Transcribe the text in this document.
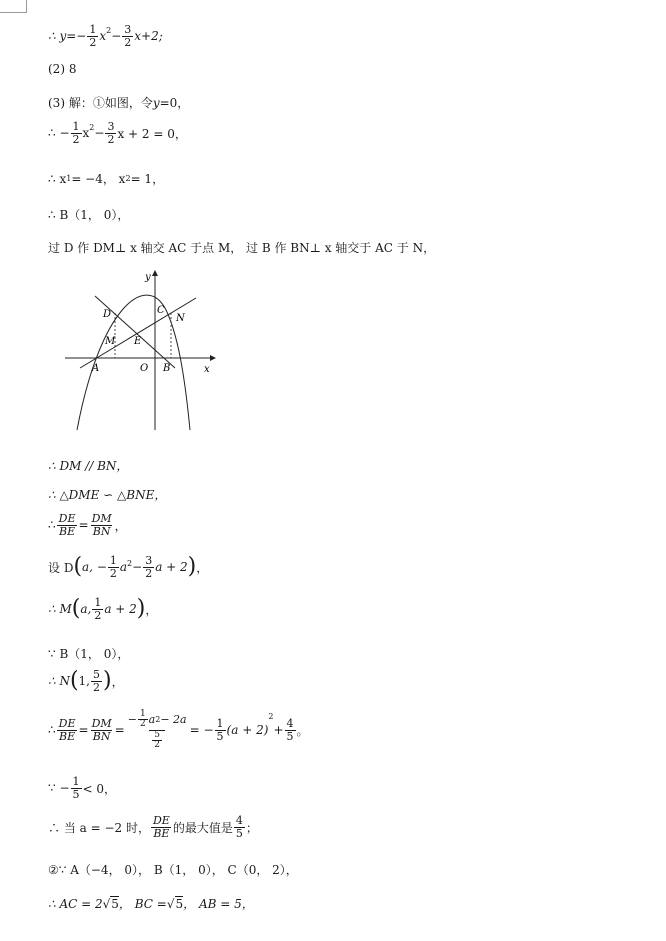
∴ $y=- \frac{1}{2} x^2 - \frac{3}{2} x+2$;
(2) 8
(3) 解：①如图，令 y =0，
∴ − $\frac{1}{2} x^2 - \frac{3}{2}$ x + 2 = 0，
∴ x 1 = −4， x 2 = 1，
∴ B（1， 0），
过 D 作 DM⊥ x 轴交 AC 于点 M， 过 B 作 BN⊥ x 轴交于 AC 于 N，
y
x
D	C
N
M E
A	O B
∴ DM // BN，
∴ △DME ∽ △BNE，
∴ $\frac{DE}{BE} = \frac{DM}{BN}$ ，
设 D ( a, − $\frac{1}{2} a^2 - \frac{3}{2}$ a + 2 ) ，
∴ M ( a, $\frac{1}{2}$ a + 2 ) ，
∵ B（1， 0），
∴ N ( 1, $\frac{5}{2}$ ) ，
∴ $\frac{DE}{BE} = \frac{DM}{BN} = \frac{- \frac{1}{2} a 2 - 2a}{\frac{5}{2}}$ = − $\frac{1}{5} (a + 2)$
2
+ $\frac{4}{5}$ 。
∵ − $\frac{1}{5} < 0$，
∴ 当 a = −2 时， $\frac{DE}{BE}$ 的最大值是 $\frac{4}{5}$ ；
②∵ A（−4， 0）， B（1， 0）， C（0， 2），
∴ AC = 2 √ 5 ， BC = √ 5 ， AB = 5，
